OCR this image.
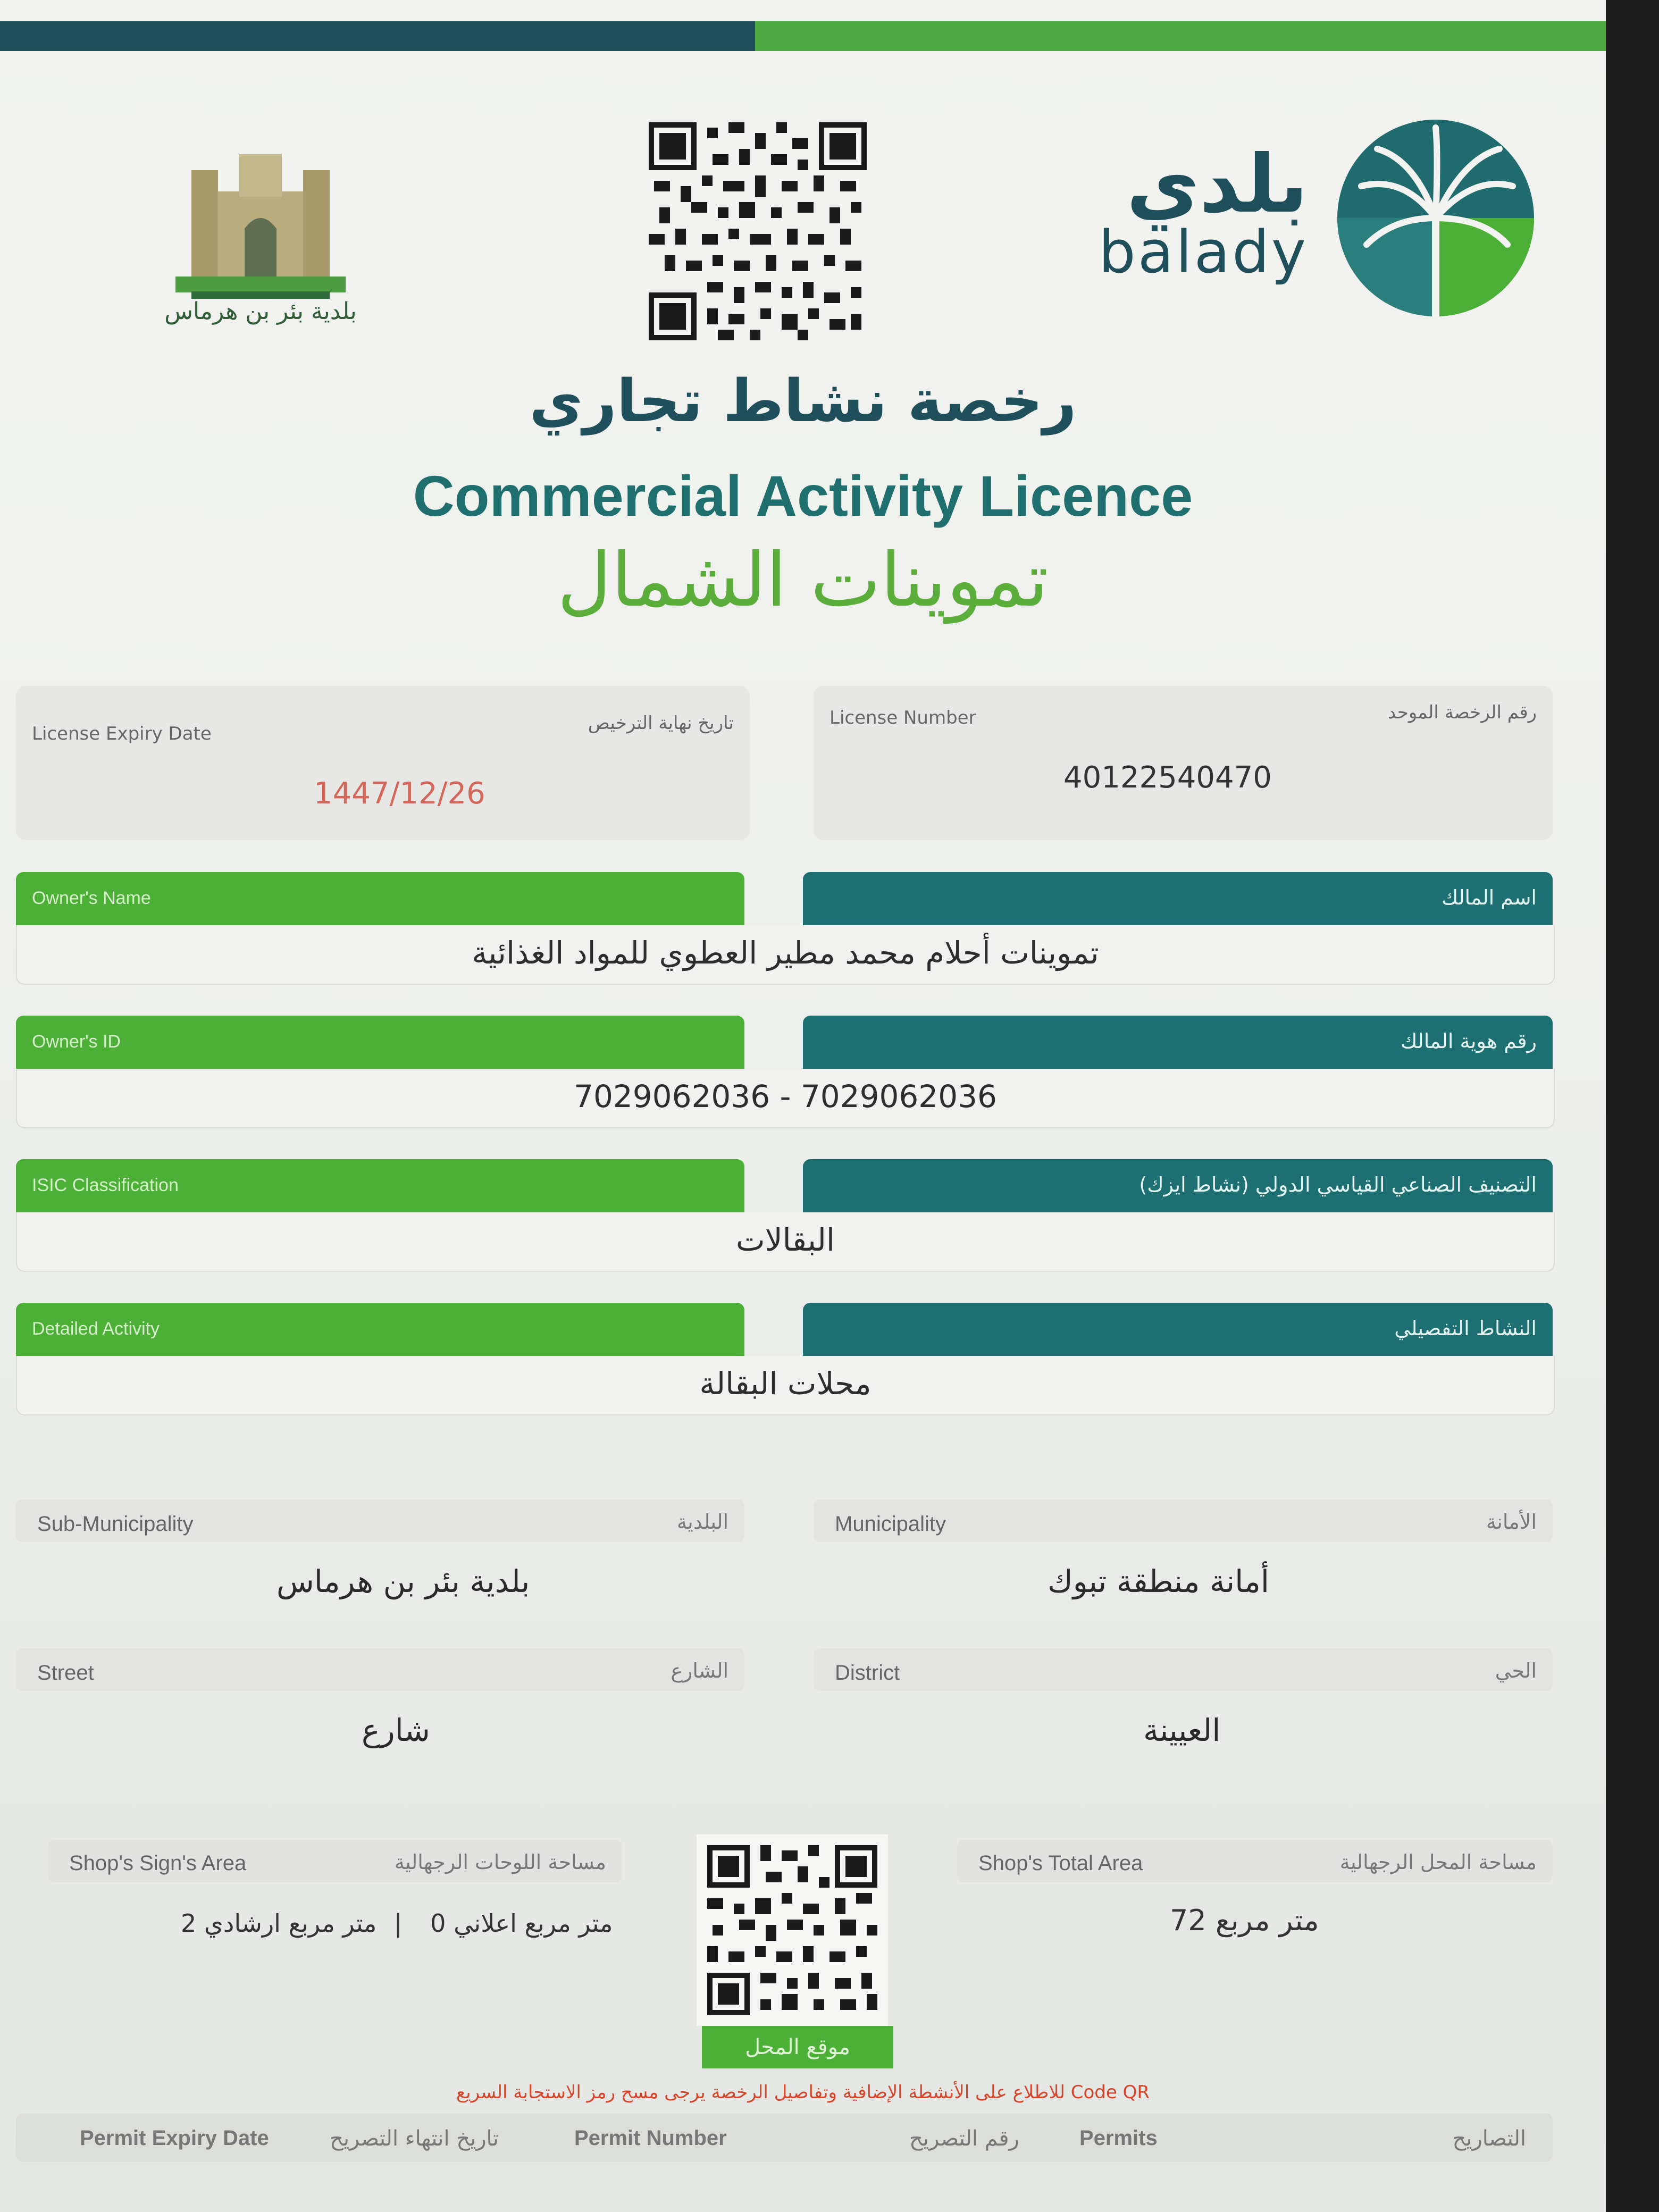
بلدية بئر بن هرماس
بلدي
balady
رخصة نشاط تجاري
Commercial Activity Licence
تموينات الشمال
License Expiry Date	تاريخ نهاية الترخيص
1447/12/26
License Number	رقم الرخصة الموحد
40122540470
Owner's Name	اسم المالك
تموينات أحلام محمد مطير العطوي للمواد الغذائية
Owner's ID	رقم هوية المالك
7029062036 - 7029062036
ISIC Classification	التصنيف الصناعي القياسي الدولي (نشاط ايزك)
البقالات
Detailed Activity	النشاط التفصيلي
محلات البقالة
Sub-Municipality	البلدية
بلدية بئر بن هرماس
Municipality	الأمانة
أمانة منطقة تبوك
Street	الشارع
شارع
District	الحي
العيينة
Shop's Sign's Area	مساحة اللوحات الرجهالية
متر مربع اعلاني 0 | متر مربع ارشادي 2
موقع المحل
Shop's Total Area	مساحة المحل الرجهالية
72 متر مربع
للاطلاع على الأنشطة الإضافية وتفاصيل الرخصة يرجى مسح رمز الاستجابة السريع Code QR
Permit Expiry Date	تاريخ انتهاء التصريح	Permit Number	رقم التصريح	Permits	التصاريح
